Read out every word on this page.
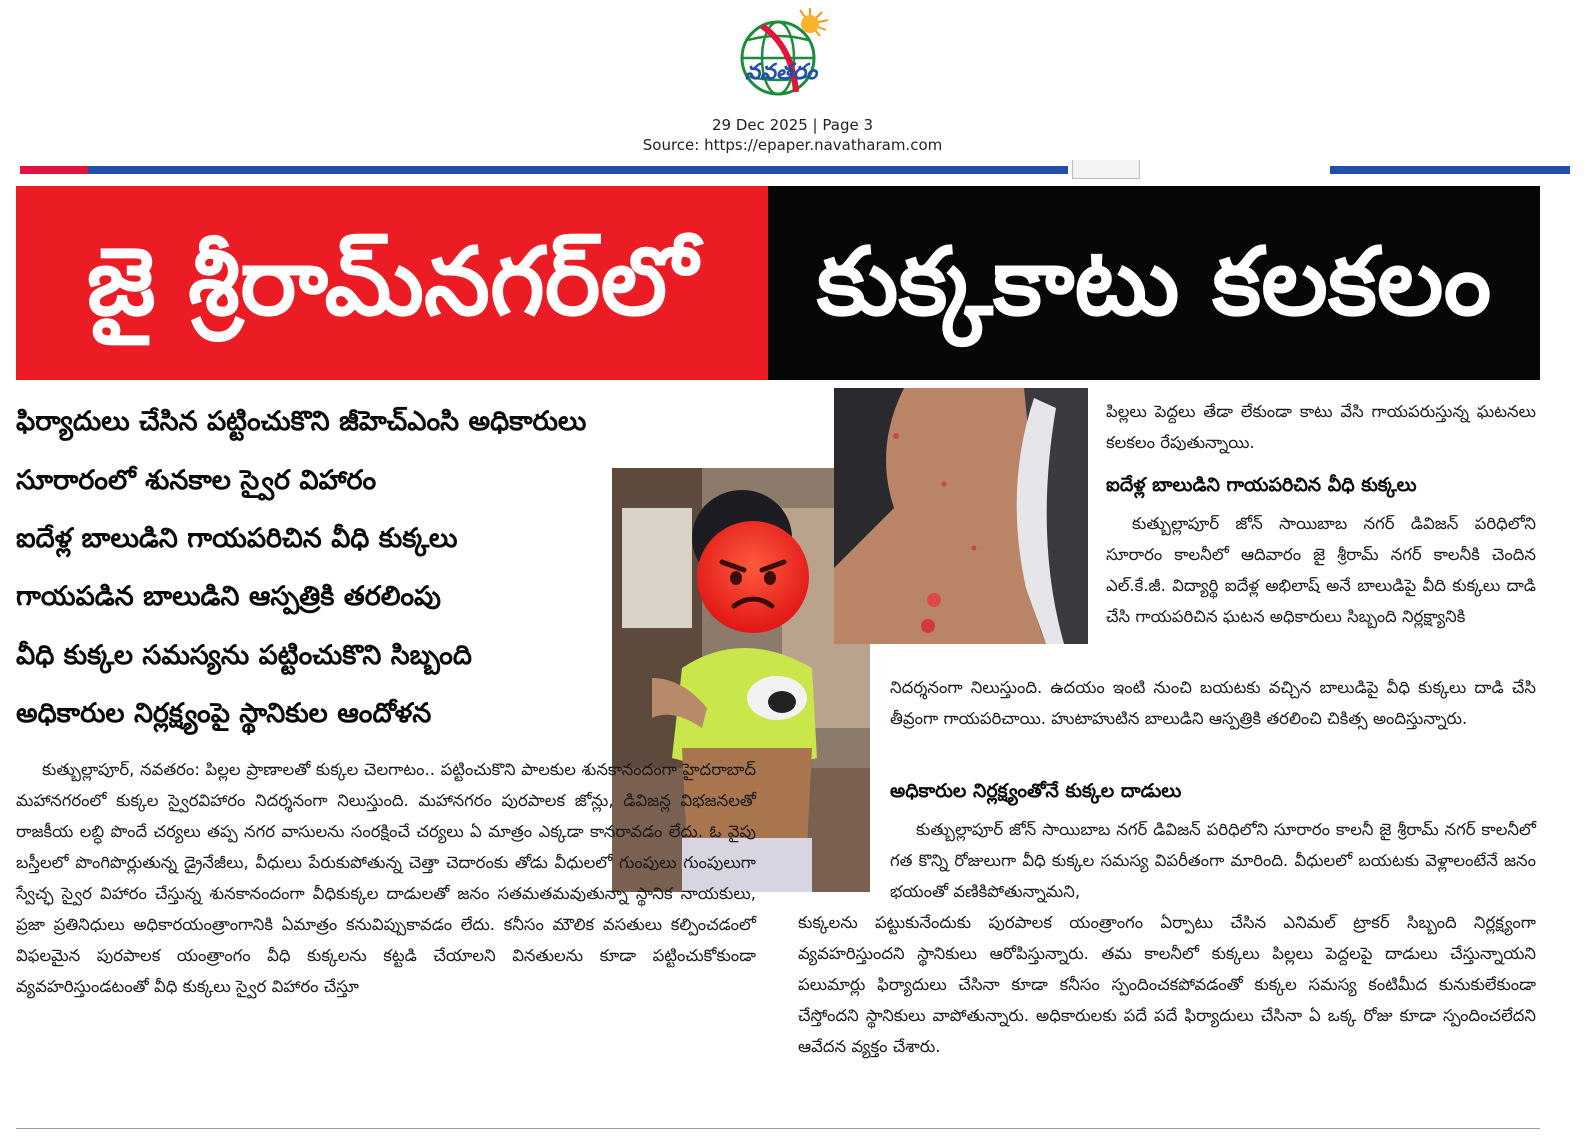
నవతరం
29 Dec 2025 | Page 3
Source: https://epaper.navatharam.com
జై శ్రీరామ్‌నగర్‌లో	కుక్కకాటు కలకలం
ఫిర్యాదులు చేసిన పట్టించుకొని జీహెచ్ఎంసి అధికారులు
సూరారంలో శునకాల స్వైర విహారం
ఐదేళ్ల బాలుడిని గాయపరిచిన వీధి కుక్కలు
గాయపడిన బాలుడిని ఆస్పత్రికి తరలింపు
వీధి కుక్కల సమస్యను పట్టించుకొని సిబ్బంది
అధికారుల నిర్లక్ష్యంపై స్థానికుల ఆందోళన

కుత్బుల్లాపూర్, నవతరం: పిల్లల ప్రాణాలతో కుక్కల చెలగాటం.. పట్టించుకొని పాలకుల శునకానందంగా హైదరాబాద్ మహానగరంలో కుక్కల స్వైరవిహారం నిదర్శనంగా నిలుస్తుంది. మహానగరం పురపాలక జోన్లు, డివిజన్ల విభజనలతో రాజకీయ లబ్ధి పొందే చర్యలు తప్ప నగర వాసులను సంరక్షించే చర్యలు ఏ మాత్రం ఎక్కడా కానరావడం లేదు. ఓ వైపు బస్తీలలో పొంగిపొర్లుతున్న డ్రైనేజీలు, వీధులు పేరుకుపోతున్న చెత్తా చెదారంకు తోడు వీధులలో గుంపులు గుంపులుగా స్వేచ్ఛ స్వైర విహారం చేస్తున్న శునకానందంగా వీధికుక్కల దాడులతో జనం సతమతమవుతున్నా స్థానిక నాయకులు, ప్రజా ప్రతినిధులు అధికారయంత్రాంగానికి ఏమాత్రం కనువిప్పుకావడం లేదు. కనీసం మౌలిక వసతులు కల్పించడంలో విఫలమైన పురపాలక యంత్రాంగం వీధి కుక్కలను కట్టడి చేయాలని వినతులను కూడా పట్టించుకోకుండా వ్యవహరిస్తుండటంతో వీధి కుక్కలు స్వైర విహారం చేస్తూ

పిల్లలు పెద్దలు తేడా లేకుండా కాటు వేసి గాయపరుస్తున్న ఘటనలు కలకలం రేపుతున్నాయి.

ఐదేళ్ల బాలుడిని గాయపరిచిన వీధి కుక్కలు

కుత్బుల్లాపూర్ జోన్ సాయిబాబ నగర్ డివిజన్ పరిధిలోని సూరారం కాలనీలో ఆదివారం జై శ్రీరామ్ నగర్ కాలనీకి చెందిన ఎల్.కే.జీ. విద్యార్థి ఐదేళ్ల అభిలాష్ అనే బాలుడిపై వీది కుక్కలు దాడి చేసి గాయపరిచిన ఘటన అధికారులు సిబ్బంది నిర్లక్ష్యానికి

నిదర్శనంగా నిలుస్తుంది. ఉదయం ఇంటి నుంచి బయటకు వచ్చిన బాలుడిపై వీధి కుక్కలు దాడి చేసి తీవ్రంగా గాయపరిచాయి. హుటాహుటిన బాలుడిని ఆస్పత్రికి తరలించి చికిత్స అందిస్తున్నారు.

అధికారుల నిర్లక్ష్యంతోనే కుక్కల దాడులు

కుత్బుల్లాపూర్ జోన్ సాయిబాబ నగర్ డివిజన్ పరిధిలోని సూరారం కాలనీ జై శ్రీరామ్ నగర్ కాలనీలో గత కొన్ని రోజులుగా వీధి కుక్కల సమస్య విపరీతంగా మారింది. వీధులలో బయటకు వెళ్లాలంటేనే జనం భయంతో వణికిపోతున్నామని,

కుక్కలను పట్టుకునేందుకు పురపాలక యంత్రాంగం ఏర్పాటు చేసిన ఎనిమల్ ట్రాకర్ సిబ్బంది నిర్లక్ష్యంగా వ్యవహరిస్తుందని స్థానికులు ఆరోపిస్తున్నారు. తమ కాలనీలో కుక్కలు పిల్లలు పెద్దలపై దాడులు చేస్తున్నాయని పలుమార్లు ఫిర్యాదులు చేసినా కూడా కనీసం స్పందించకపోవడంతో కుక్కల సమస్య కంటిమీద కునుకులేకుండా చేస్తోందని స్థానికులు వాపోతున్నారు. అధికారులకు పదే పదే ఫిర్యాదులు చేసినా ఏ ఒక్క రోజు కూడా స్పందించలేదని ఆవేదన వ్యక్తం చేశారు.
